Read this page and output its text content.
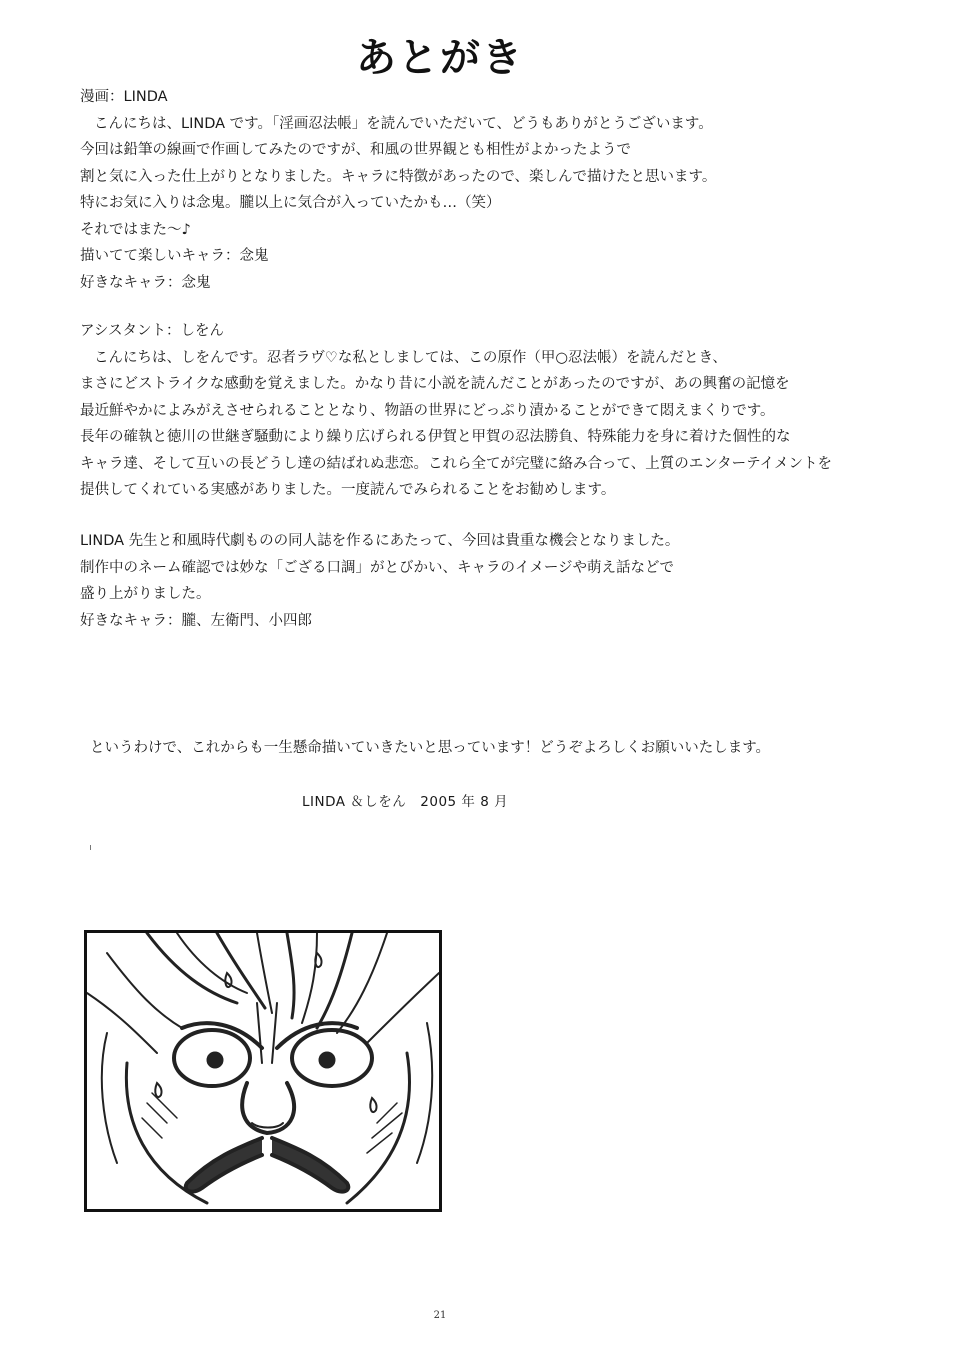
あとがき
漫画：LINDA
こんにちは、LINDA です。「淫画忍法帳」を読んでいただいて、どうもありがとうございます。
今回は鉛筆の線画で作画してみたのですが、和風の世界観とも相性がよかったようで
割と気に入った仕上がりとなりました。キャラに特徴があったので、楽しんで描けたと思います。
特にお気に入りは念鬼。朧以上に気合が入っていたかも…（笑）
それではまた～♪
描いてて楽しいキャラ：念鬼
好きなキャラ：念鬼
アシスタント：しをん
こんにちは、しをんです。忍者ラヴ♡な私としましては、この原作（甲○忍法帳）を読んだとき、
まさにどストライクな感動を覚えました。かなり昔に小説を読んだことがあったのですが、あの興奮の記憶を
最近鮮やかによみがえさせられることとなり、物語の世界にどっぷり漬かることができて悶えまくりです。
長年の確執と徳川の世継ぎ騒動により繰り広げられる伊賀と甲賀の忍法勝負、特殊能力を身に着けた個性的な
キャラ達、そして互いの長どうし達の結ばれぬ悲恋。これら全てが完璧に絡み合って、上質のエンターテイメントを
提供してくれている実感がありました。一度読んでみられることをお勧めします。
LINDA 先生と和風時代劇ものの同人誌を作るにあたって、今回は貴重な機会となりました。
制作中のネーム確認では妙な「ござる口調」がとびかい、キャラのイメージや萌え話などで
盛り上がりました。
好きなキャラ：朧、左衛門、小四郎
というわけで、これからも一生懸命描いていきたいと思っています！どうぞよろしくお願いいたします。
LINDA ＆しをん　2005 年 8 月
21
